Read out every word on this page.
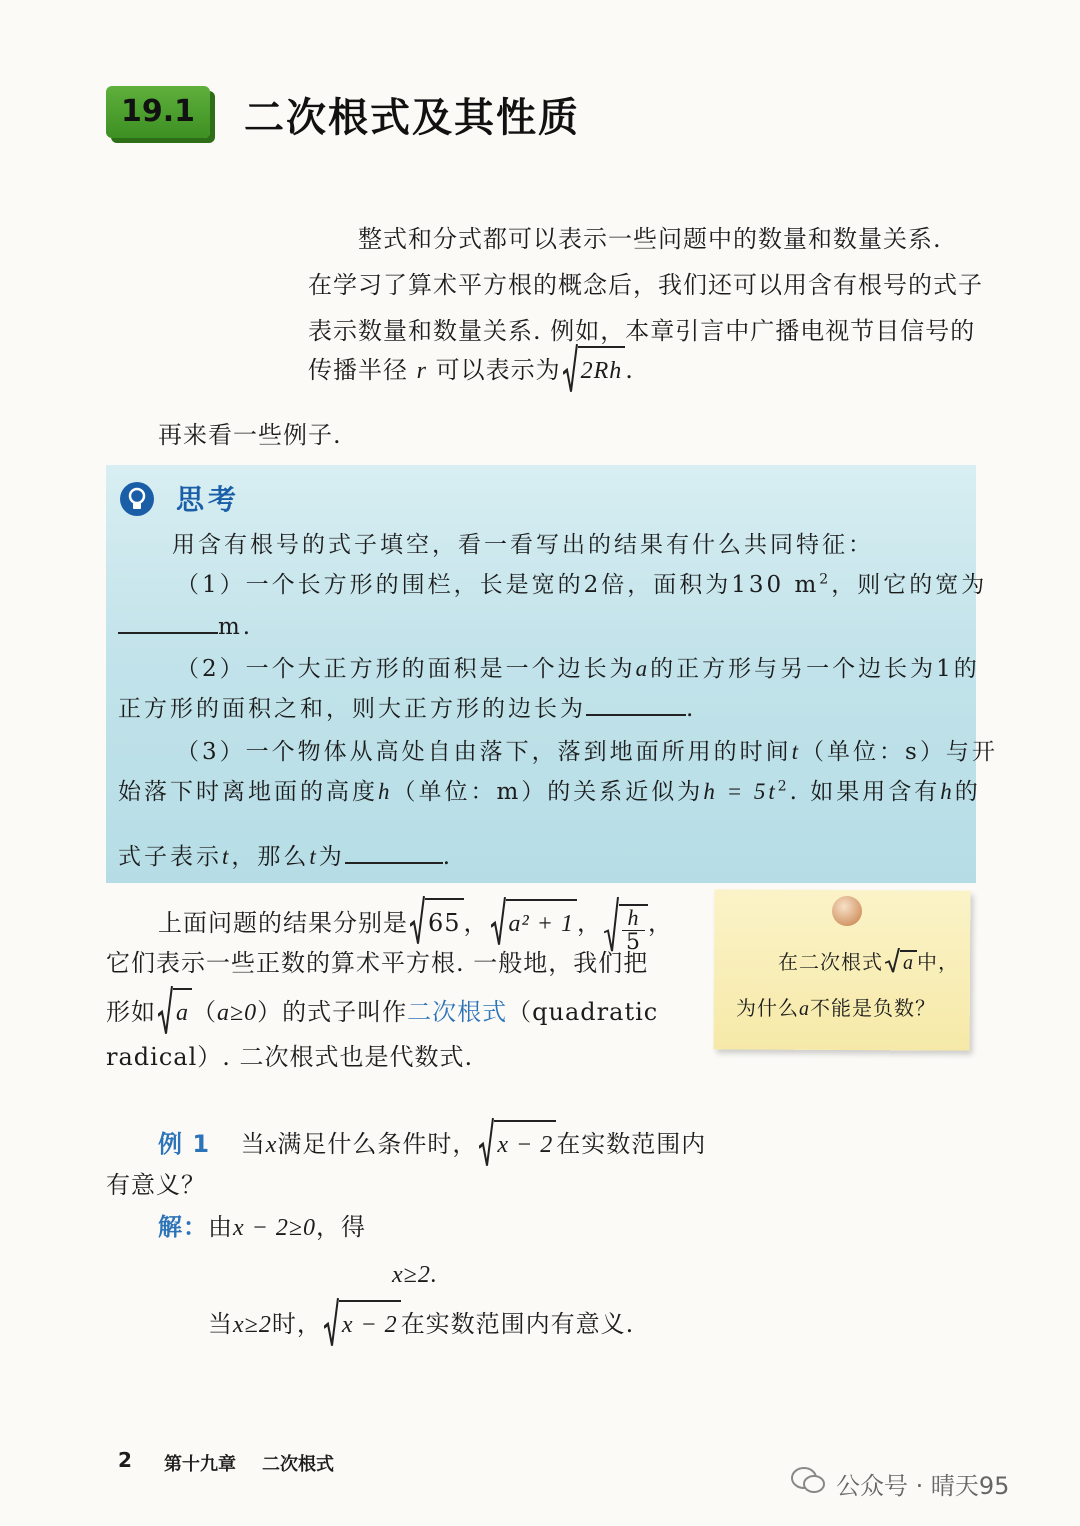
19.1	二次根式及其性质
整式和分式都可以表示一些问题中的数量和数量关系.
在学习了算术平方根的概念后，我们还可以用含有根号的式子
表示数量和数量关系. 例如，本章引言中广播电视节目信号的
传播半径 r 可以表示为 2Rh .
再来看一些例子.
思考
用含有根号的式子填空，看一看写出的结果有什么共同特征：
（1）一个长方形的围栏，长是宽的2倍，面积为130 $m^2$，则它的宽为
m.
（2）一个大正方形的面积是一个边长为a的正方形与另一个边长为1的
正方形的面积之和，则大正方形的边长为	.
（3）一个物体从高处自由落下，落到地面所用的时间t（单位：s）与开
始落下时离地面的高度h（单位：m）的关系近似为$h = 5t^2$. 如果用含有h的
式子表示t，那么t为	.
上面问题的结果分别是 65 ， a² + 1 ， $\frac{h}{5}$ ，
它们表示一些正数的算术平方根. 一般地，我们把
形如 a （a≥0）的式子叫作二次根式（quadratic
radical）. 二次根式也是代数式.
在二次根式 a 中，
为什么a不能是负数？
例 1 当x满足什么条件时， x − 2 在实数范围内
有意义？
解：由x − 2≥0，得
x≥2.
当x≥2时， x − 2 在实数范围内有意义.
2 第十九章 二次根式
公众号 · 晴天95
